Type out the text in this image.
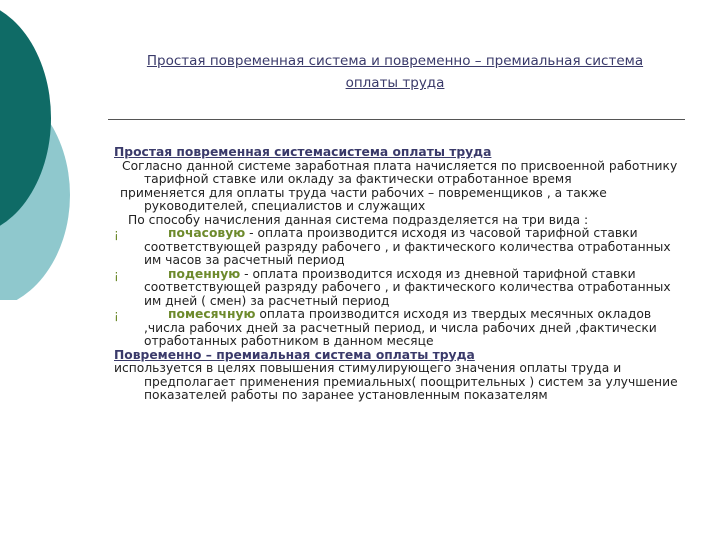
Простая повременная система и повременно – премиальная система
оплаты труда

Простая повременная системасистема оплаты труда

Согласно данной системе заработная плата начисляется по присвоенной работнику тарифной ставке или окладу за фактически отработанное время

применяется для оплаты труда части рабочих – повременщиков , а также руководителей, специалистов и служащих

По способу начисления данная система подразделяется на три вида :

¡	почасовую - оплата производится исходя из часовой тарифной ставки соответствующей разряду рабочего , и фактического количества отработанных им часов за расчетный период

¡	поденную - оплата производится исходя из дневной тарифной ставки соответствующей разряду рабочего , и фактического количества отработанных им дней ( смен) за расчетный период

¡	помесячную оплата производится исходя из твердых месячных окладов ,числа рабочих дней за расчетный период, и числа рабочих дней ,фактически отработанных работником в данном месяце

Повременно – премиальная система оплаты труда

используется в целях повышения стимулирующего значения оплаты труда и предполагает применения премиальных( поощрительных ) систем за улучшение показателей работы по заранее установленным показателям
